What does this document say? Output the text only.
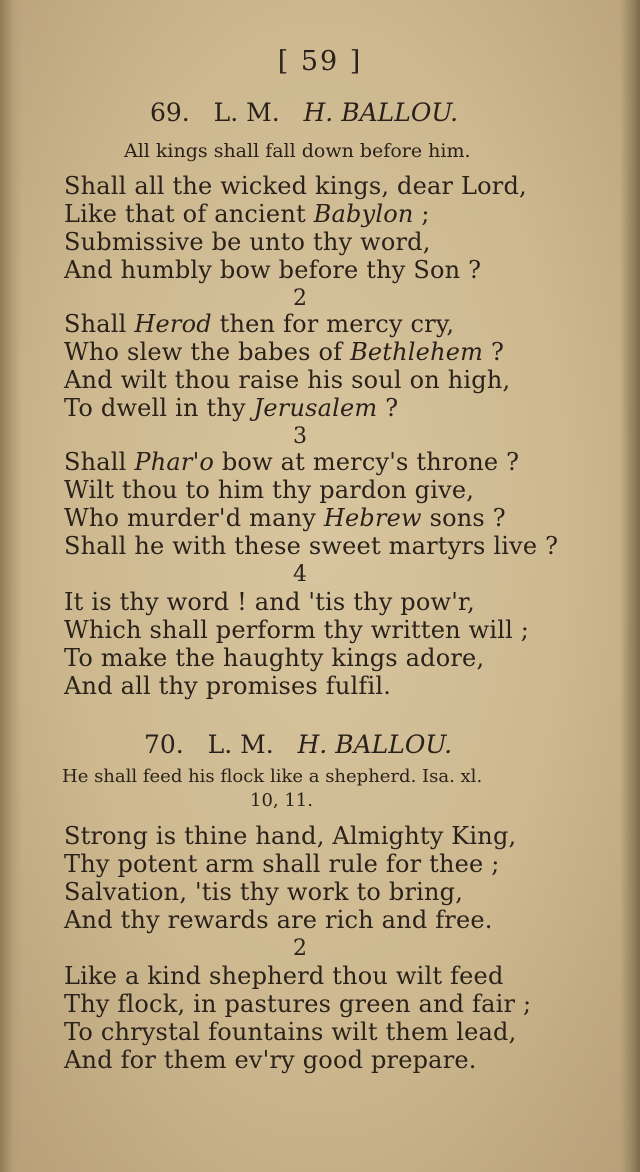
[ 59 ]
69. L. M. H. BALLOU.
All kings shall fall down before him.
Shall all the wicked kings, dear Lord,
Like that of ancient Babylon ;
Submissive be unto thy word,
And humbly bow before thy Son ?
2
Shall Herod then for mercy cry,
Who slew the babes of Bethlehem ?
And wilt thou raise his soul on high,
To dwell in thy Jerusalem ?
3
Shall Phar'o bow at mercy's throne ?
Wilt thou to him thy pardon give,
Who murder'd many Hebrew sons ?
Shall he with these sweet martyrs live ?
4
It is thy word ! and 'tis thy pow'r,
Which shall perform thy written will ;
To make the haughty kings adore,
And all thy promises fulfil.
70. L. M. H. BALLOU.
He shall feed his flock like a shepherd. Isa. xl.
10, 11.
Strong is thine hand, Almighty King,
Thy potent arm shall rule for thee ;
Salvation, 'tis thy work to bring,
And thy rewards are rich and free.
2
Like a kind shepherd thou wilt feed
Thy flock, in pastures green and fair ;
To chrystal fountains wilt them lead,
And for them ev'ry good prepare.
